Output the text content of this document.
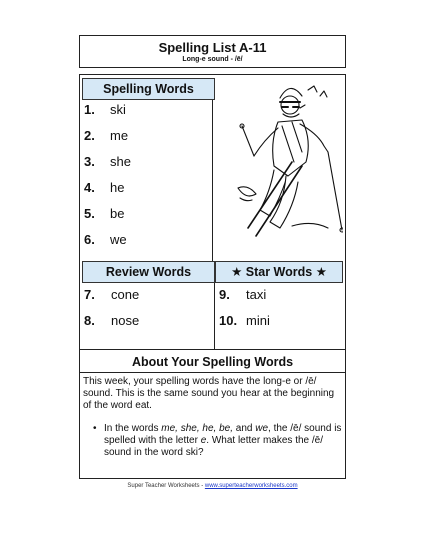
Spelling List A-11
Long-e sound - /ē/
Spelling Words
1. ski
2. me
3. she
4. he
5. be
6. we
Review Words	★ Star Words ★
7. cone
8. nose
9. taxi
10. mini
About Your Spelling Words
This week, your spelling words have the long-e or /ē/ sound. This is the same sound you hear at the beginning of the word eat.
• In the words me, she, he, be, and we, the /ē/ sound is spelled with the letter e. What letter makes the /ē/ sound in the word ski?
Super Teacher Worksheets - www.superteacherworksheets.com
